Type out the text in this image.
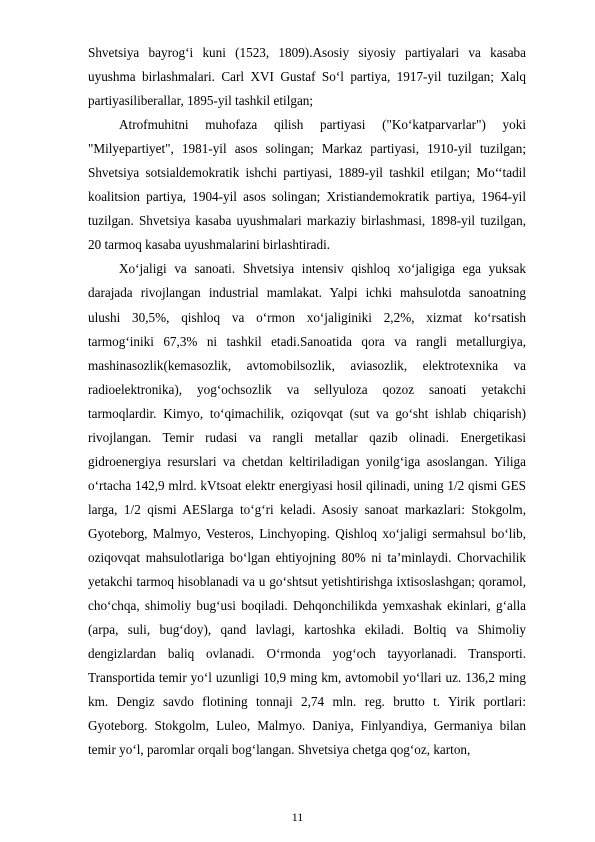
Shvetsiya bayrog‘i kuni (1523, 1809).Asosiy siyosiy partiyalari va kasaba uyushma birlashmalari. Carl XVI Gustaf So‘l partiya, 1917-yil tuzilgan; Xalq partiyasiliberallar, 1895-yil tashkil etilgan;

Atrofmuhitni muhofaza qilish partiyasi ("Ko‘katparvarlar") yoki "Milyepartiyet", 1981-yil asos solingan; Markaz partiyasi, 1910-yil tuzilgan; Shvetsiya sotsialdemokratik ishchi partiyasi, 1889-yil tashkil etilgan; Mo‘‘tadil koalitsion partiya, 1904-yil asos solingan; Xristiandemokratik partiya, 1964-yil tuzilgan. Shvetsiya kasaba uyushmalari markaziy birlashmasi, 1898-yil tuzilgan, 20 tarmoq kasaba uyushmalarini birlashtiradi.

Xo‘jaligi va sanoati. Shvetsiya intensiv qishloq xo‘jaligiga ega yuksak darajada rivojlangan industrial mamlakat. Yalpi ichki mahsulotda sanoatning ulushi 30,5%, qishloq va o‘rmon xo‘jaliginiki 2,2%, xizmat ko‘rsatish tarmog‘iniki 67,3% ni tashkil etadi.Sanoatida qora va rangli metallurgiya, mashinasozlik(kemasozlik, avtomobilsozlik, aviasozlik, elektrotexnika va radioelektronika), yog‘ochsozlik va sellyuloza qozoz sanoati yetakchi tarmoqlardir. Kimyo, to‘qimachilik, oziqovqat (sut va go‘sht ishlab chiqarish) rivojlangan. Temir rudasi va rangli metallar qazib olinadi. Energetikasi gidroenergiya resurslari va chetdan keltiriladigan yonilg‘iga asoslangan. Yiliga o‘rtacha 142,9 mlrd. kVtsoat elektr energiyasi hosil qilinadi, uning 1/2 qismi GES larga, 1/2 qismi AESlarga to‘g‘ri keladi. Asosiy sanoat markazlari: Stokgolm, Gyoteborg, Malmyo, Vesteros, Linchyoping. Qishloq xo‘jaligi sermahsul bo‘lib, oziqovqat mahsulotlariga bo‘lgan ehtiyojning 80% ni ta’minlaydi. Chorvachilik yetakchi tarmoq hisoblanadi va u go‘shtsut yetishtirishga ixtisoslashgan; qoramol, cho‘chqa, shimoliy bug‘usi boqiladi. Dehqonchilikda yemxashak ekinlari, g‘alla (arpa, suli, bug‘doy), qand lavlagi, kartoshka ekiladi. Boltiq va Shimoliy dengizlardan baliq ovlanadi. O‘rmonda yog‘och tayyorlanadi. Transporti. Transportida temir yo‘l uzunligi 10,9 ming km, avtomobil yo‘llari uz. 136,2 ming km. Dengiz savdo flotining tonnaji 2,74 mln. reg. brutto t. Yirik portlari: Gyoteborg. Stokgolm, Luleo, Malmyo. Daniya, Finlyandiya, Germaniya bilan temir yo‘l, paromlar orqali bog‘langan. Shvetsiya chetga qog‘oz, karton,

11
